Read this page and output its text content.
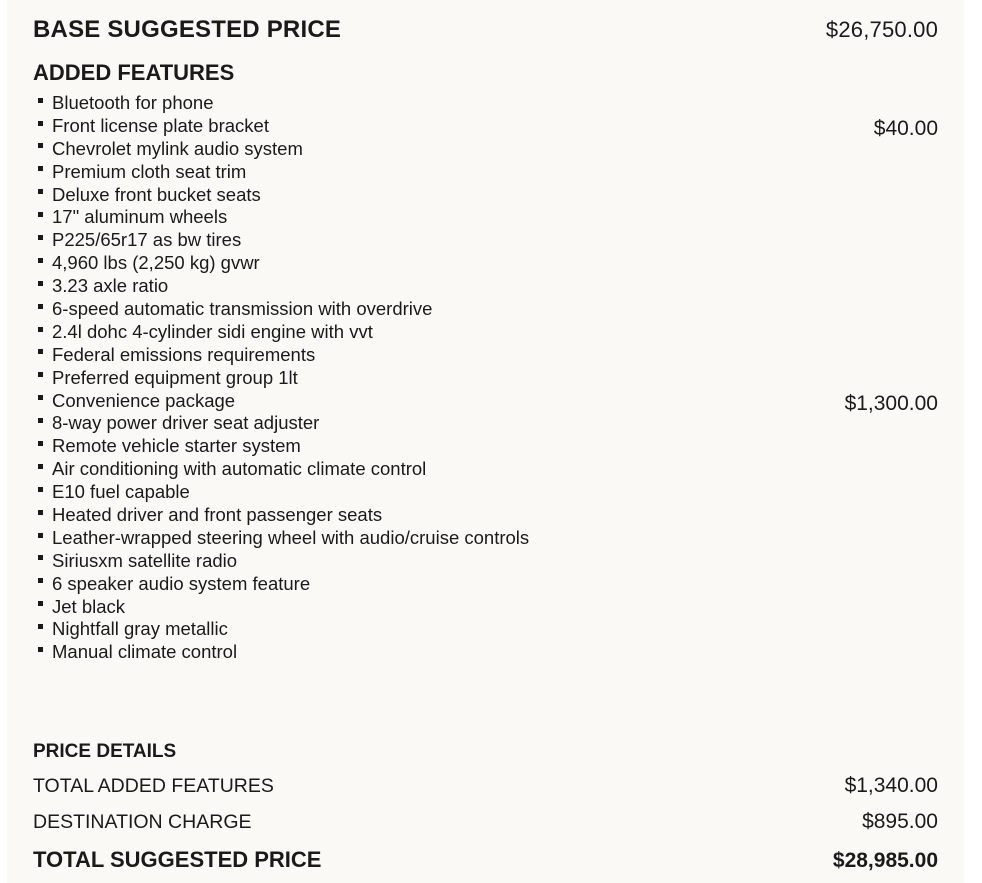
BASE SUGGESTED PRICE	$26,750.00
ADDED FEATURES
Bluetooth for phone
Front license plate bracket	$40.00
Chevrolet mylink audio system
Premium cloth seat trim
Deluxe front bucket seats
17" aluminum wheels
P225/65r17 as bw tires
4,960 lbs (2,250 kg) gvwr
3.23 axle ratio
6-speed automatic transmission with overdrive
2.4l dohc 4-cylinder sidi engine with vvt
Federal emissions requirements
Preferred equipment group 1lt
Convenience package	$1,300.00
8-way power driver seat adjuster
Remote vehicle starter system
Air conditioning with automatic climate control
E10 fuel capable
Heated driver and front passenger seats
Leather-wrapped steering wheel with audio/cruise controls
Siriusxm satellite radio
6 speaker audio system feature
Jet black
Nightfall gray metallic
Manual climate control
PRICE DETAILS
TOTAL ADDED FEATURES	$1,340.00
DESTINATION CHARGE	$895.00
TOTAL SUGGESTED PRICE	$28,985.00
